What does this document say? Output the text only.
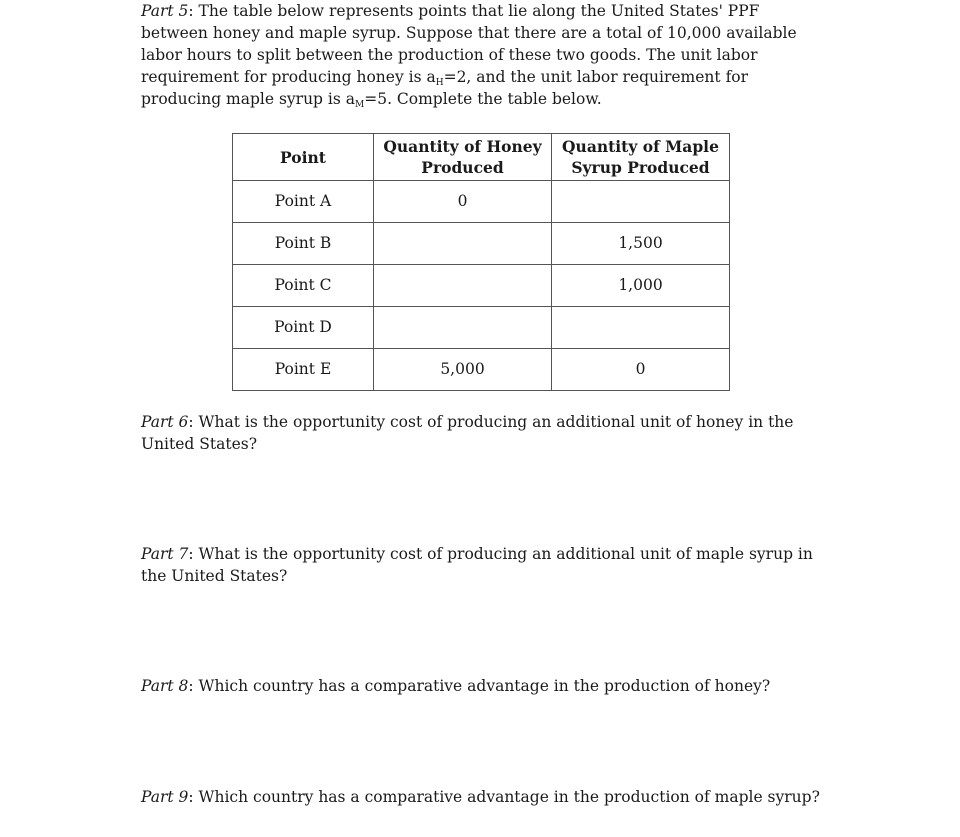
Part 5: The table below represents points that lie along the United States' PPF between honey and maple syrup. Suppose that there are a total of 10,000 available labor hours to split between the production of these two goods. The unit labor requirement for producing honey is $a_H=2$, and the unit labor requirement for producing maple syrup is $a_M=5$. Complete the table below.

Point	Quantity of Honey Produced	Quantity of Maple Syrup Produced
Point A	0	
Point B		1,500
Point C		1,000
Point D		
Point E	5,000	0

Part 6: What is the opportunity cost of producing an additional unit of honey in the United States?

Part 7: What is the opportunity cost of producing an additional unit of maple syrup in the United States?

Part 8: Which country has a comparative advantage in the production of honey?

Part 9: Which country has a comparative advantage in the production of maple syrup?
